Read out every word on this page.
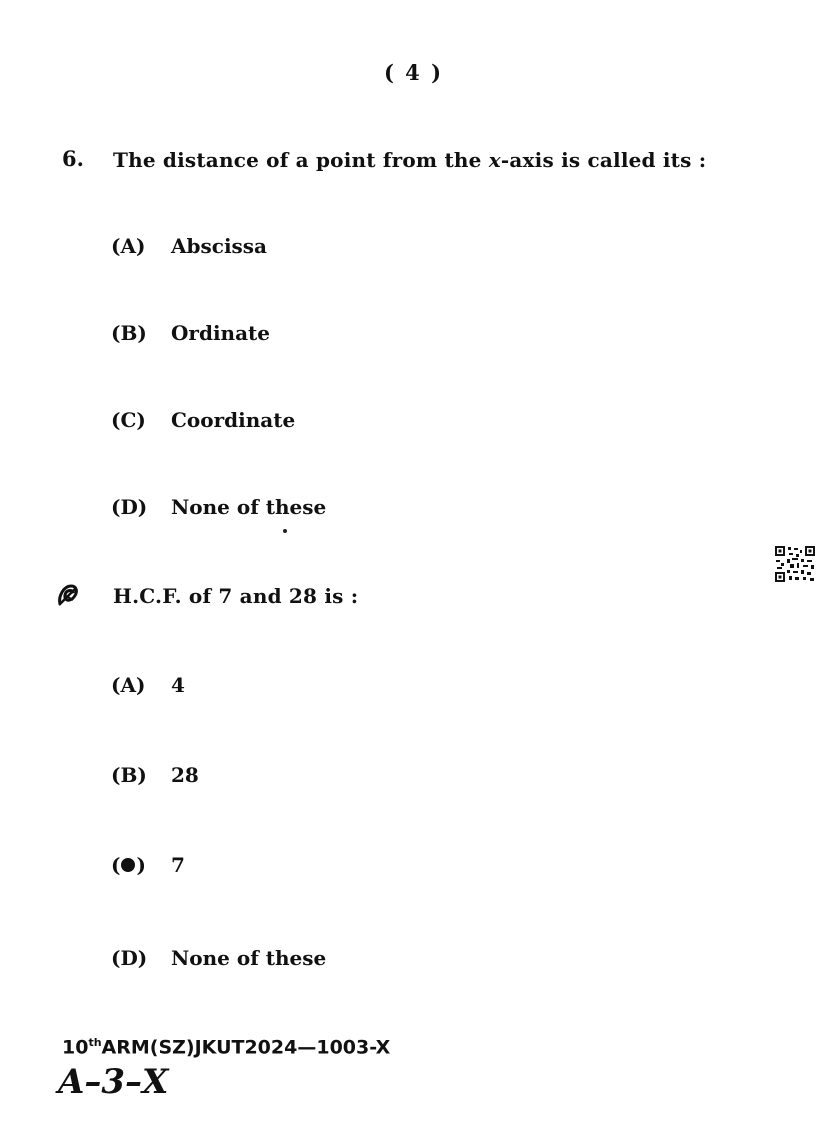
( 4 )
6. The distance of a point from the x-axis is called its :
(A) Abscissa
(B) Ordinate
(C) Coordinate
(D) None of these
H.C.F. of 7 and 28 is :
(A) 4
(B) 28
( ) 7
(D) None of these
10thARM(SZ)JKUT2024—1003-X
A–3–X
